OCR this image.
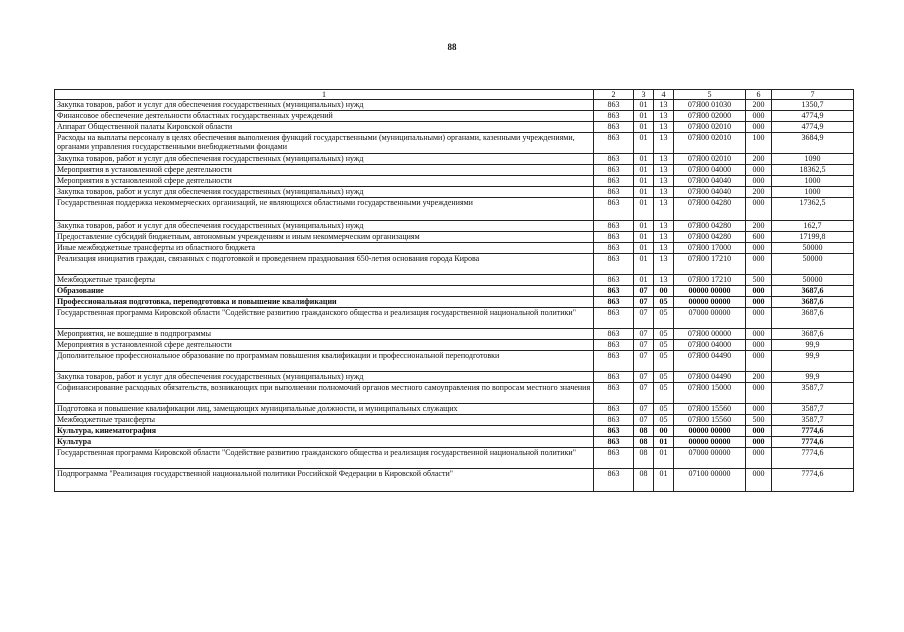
88
1	2	3	4	5	6	7
Закупка товаров, работ и услуг для обеспечения государственных (муниципальных) нужд	863	01	13	07Я00 01030	200	1350,7
Финансовое обеспечение деятельности областных государственных учреждений	863	01	13	07Я00 02000	000	4774,9
Аппарат Общественной палаты Кировской области	863	01	13	07Я00 02010	000	4774,9
Расходы на выплаты персоналу в целях обеспечения выполнения функций государственными (муниципальными) органами, казенными учреждениями, органами управления государственными внебюджетными фондами	863	01	13	07Я00 02010	100	3684,9
Закупка товаров, работ и услуг для обеспечения государственных (муниципальных) нужд	863	01	13	07Я00 02010	200	1090
Мероприятия в установленной сфере деятельности	863	01	13	07Я00 04000	000	18362,5
Мероприятия в установленной сфере деятельности	863	01	13	07Я00 04040	000	1000
Закупка товаров, работ и услуг для обеспечения государственных (муниципальных) нужд	863	01	13	07Я00 04040	200	1000
Государственная поддержка некоммерческих организаций, не являющихся областными государственными учреждениями	863	01	13	07Я00 04280	000	17362,5
Закупка товаров, работ и услуг для обеспечения государственных (муниципальных) нужд	863	01	13	07Я00 04280	200	162,7
Предоставление субсидий бюджетным, автономным учреждениям и иным некоммерческим организациям	863	01	13	07Я00 04280	600	17199,8
Иные межбюджетные трансферты из областного бюджета	863	01	13	07Я00 17000	000	50000
Реализация инициатив граждан, связанных с подготовкой и проведением празднования 650-летия основания города Кирова	863	01	13	07Я00 17210	000	50000
Межбюджетные трансферты	863	01	13	07Я00 17210	500	50000
Образование	863	07	00	00000 00000	000	3687,6
Профессиональная подготовка, переподготовка и повышение квалификации	863	07	05	00000 00000	000	3687,6
Государственная программа Кировской области "Содействие развитию гражданского общества и реализация государственной национальной политики"	863	07	05	07000 00000	000	3687,6
Мероприятия, не вошедшие в подпрограммы	863	07	05	07Я00 00000	000	3687,6
Мероприятия в установленной сфере деятельности	863	07	05	07Я00 04000	000	99,9
Дополнительное профессиональное образование по программам повышения квалификации и профессиональной переподготовки	863	07	05	07Я00 04490	000	99,9
Закупка товаров, работ и услуг для обеспечения государственных (муниципальных) нужд	863	07	05	07Я00 04490	200	99,9
Софинансирование расходных обязательств, возникающих при выполнении полномочий органов местного самоуправления по вопросам местного значения	863	07	05	07Я00 15000	000	3587,7
Подготовка и повышение квалификации лиц, замещающих муниципальные должности, и муниципальных служащих	863	07	05	07Я00 15560	000	3587,7
Межбюджетные трансферты	863	07	05	07Я00 15560	500	3587,7
Культура, кинематография	863	08	00	00000 00000	000	7774,6
Культура	863	08	01	00000 00000	000	7774,6
Государственная программа Кировской области "Содействие развитию гражданского общества и реализация государственной национальной политики"	863	08	01	07000 00000	000	7774,6
Подпрограмма "Реализация государственной национальной политики Российской Федерации в Кировской области"	863	08	01	07100 00000	000	7774,6
